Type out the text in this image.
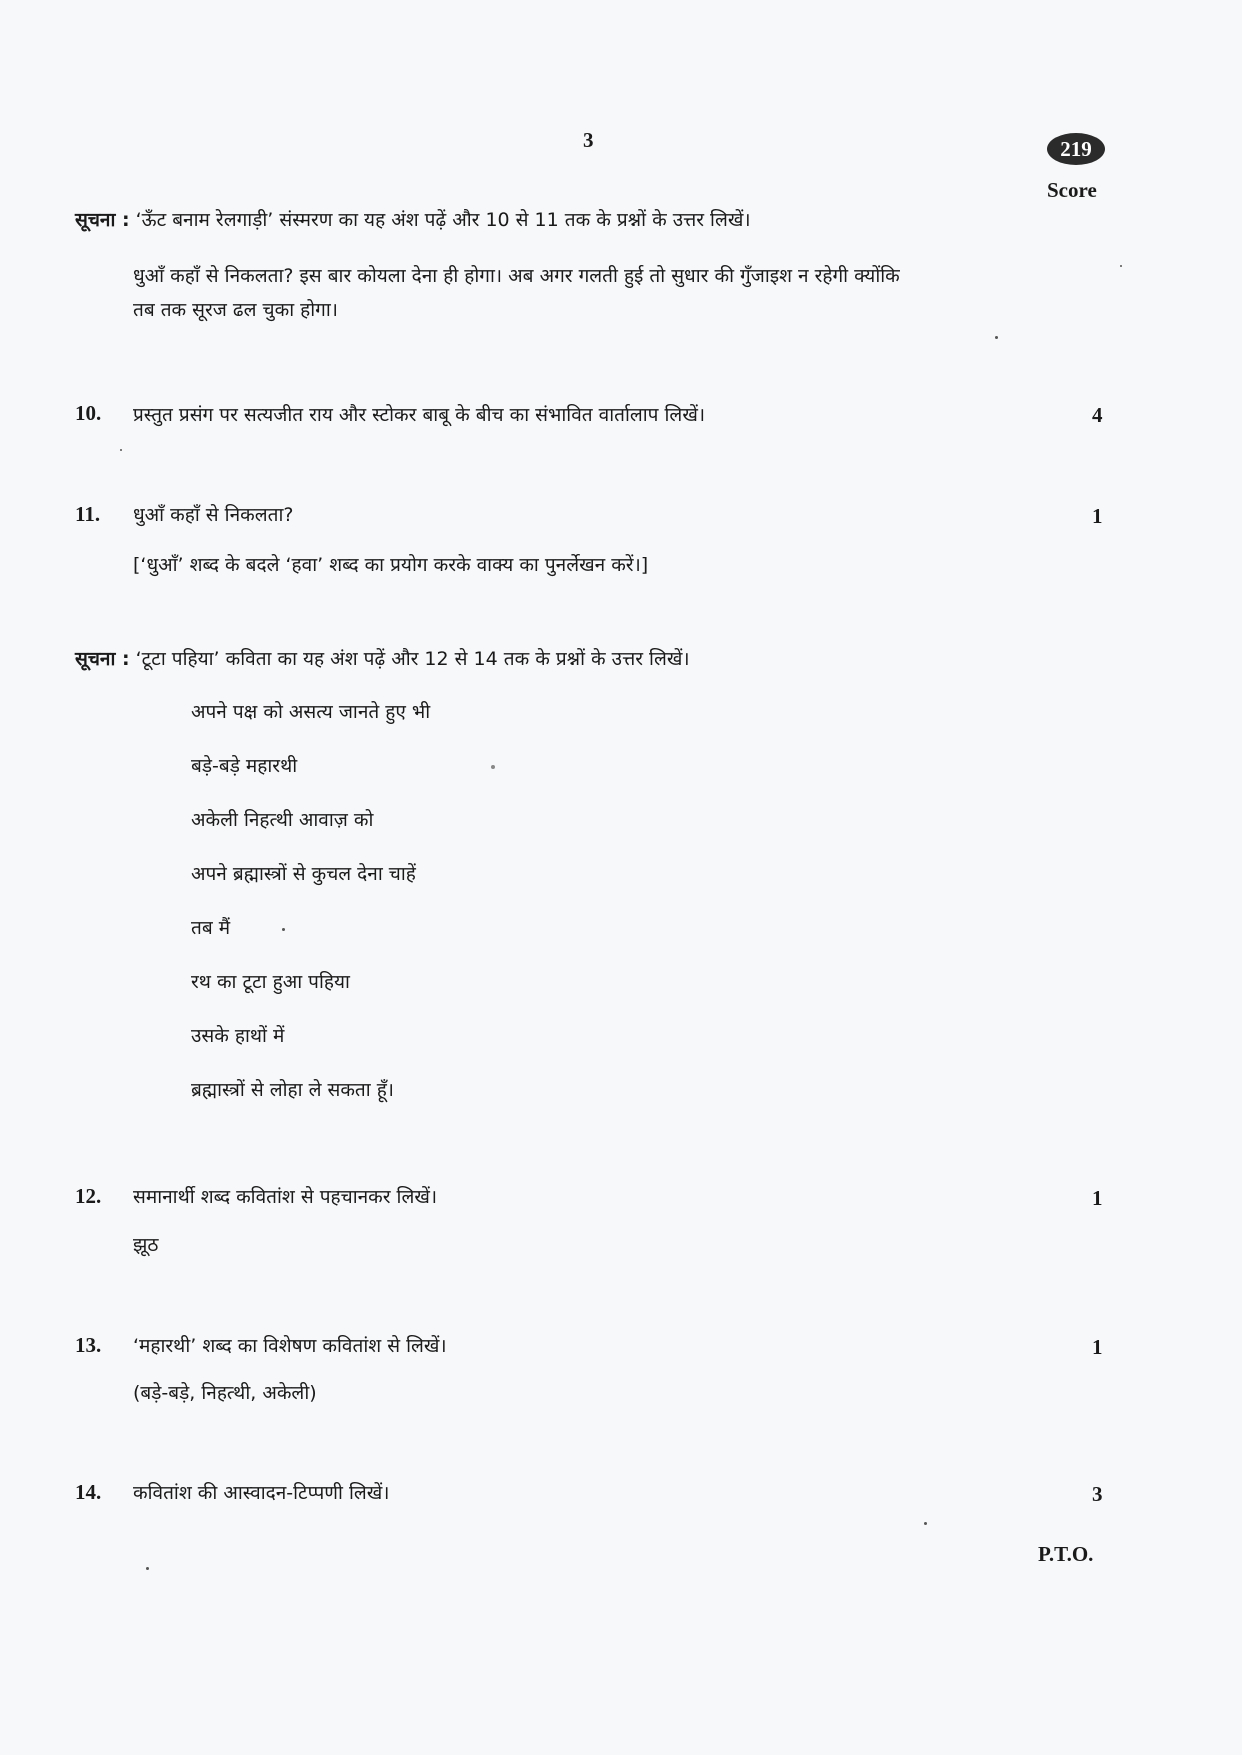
3	219
Score
सूचना : ‘ऊँट बनाम रेलगाड़ी’ संस्मरण का यह अंश पढ़ें और 10 से 11 तक के प्रश्नों के उत्तर लिखें।
धुआँ कहाँ से निकलता? इस बार कोयला देना ही होगा। अब अगर गलती हुई तो सुधार की गुँजाइश न रहेगी क्योंकि
तब तक सूरज ढल चुका होगा।
10. प्रस्तुत प्रसंग पर सत्यजीत राय और स्टोकर बाबू के बीच का संभावित वार्तालाप लिखें।	4
11. धुआँ कहाँ से निकलता?	1
[‘धुआँ’ शब्द के बदले ‘हवा’ शब्द का प्रयोग करके वाक्य का पुनर्लेखन करें।]
सूचना : ‘टूटा पहिया’ कविता का यह अंश पढ़ें और 12 से 14 तक के प्रश्नों के उत्तर लिखें।
अपने पक्ष को असत्य जानते हुए भी
बड़े-बड़े महारथी
अकेली निहत्थी आवाज़ को
अपने ब्रह्मास्त्रों से कुचल देना चाहें
तब मैं
रथ का टूटा हुआ पहिया
उसके हाथों में
ब्रह्मास्त्रों से लोहा ले सकता हूँ।
12. समानार्थी शब्द कवितांश से पहचानकर लिखें।	1
झूठ
13. ‘महारथी’ शब्द का विशेषण कवितांश से लिखें।	1
(बड़े-बड़े, निहत्थी, अकेली)
14. कवितांश की आस्वादन-टिप्पणी लिखें।	3
P.T.O.
